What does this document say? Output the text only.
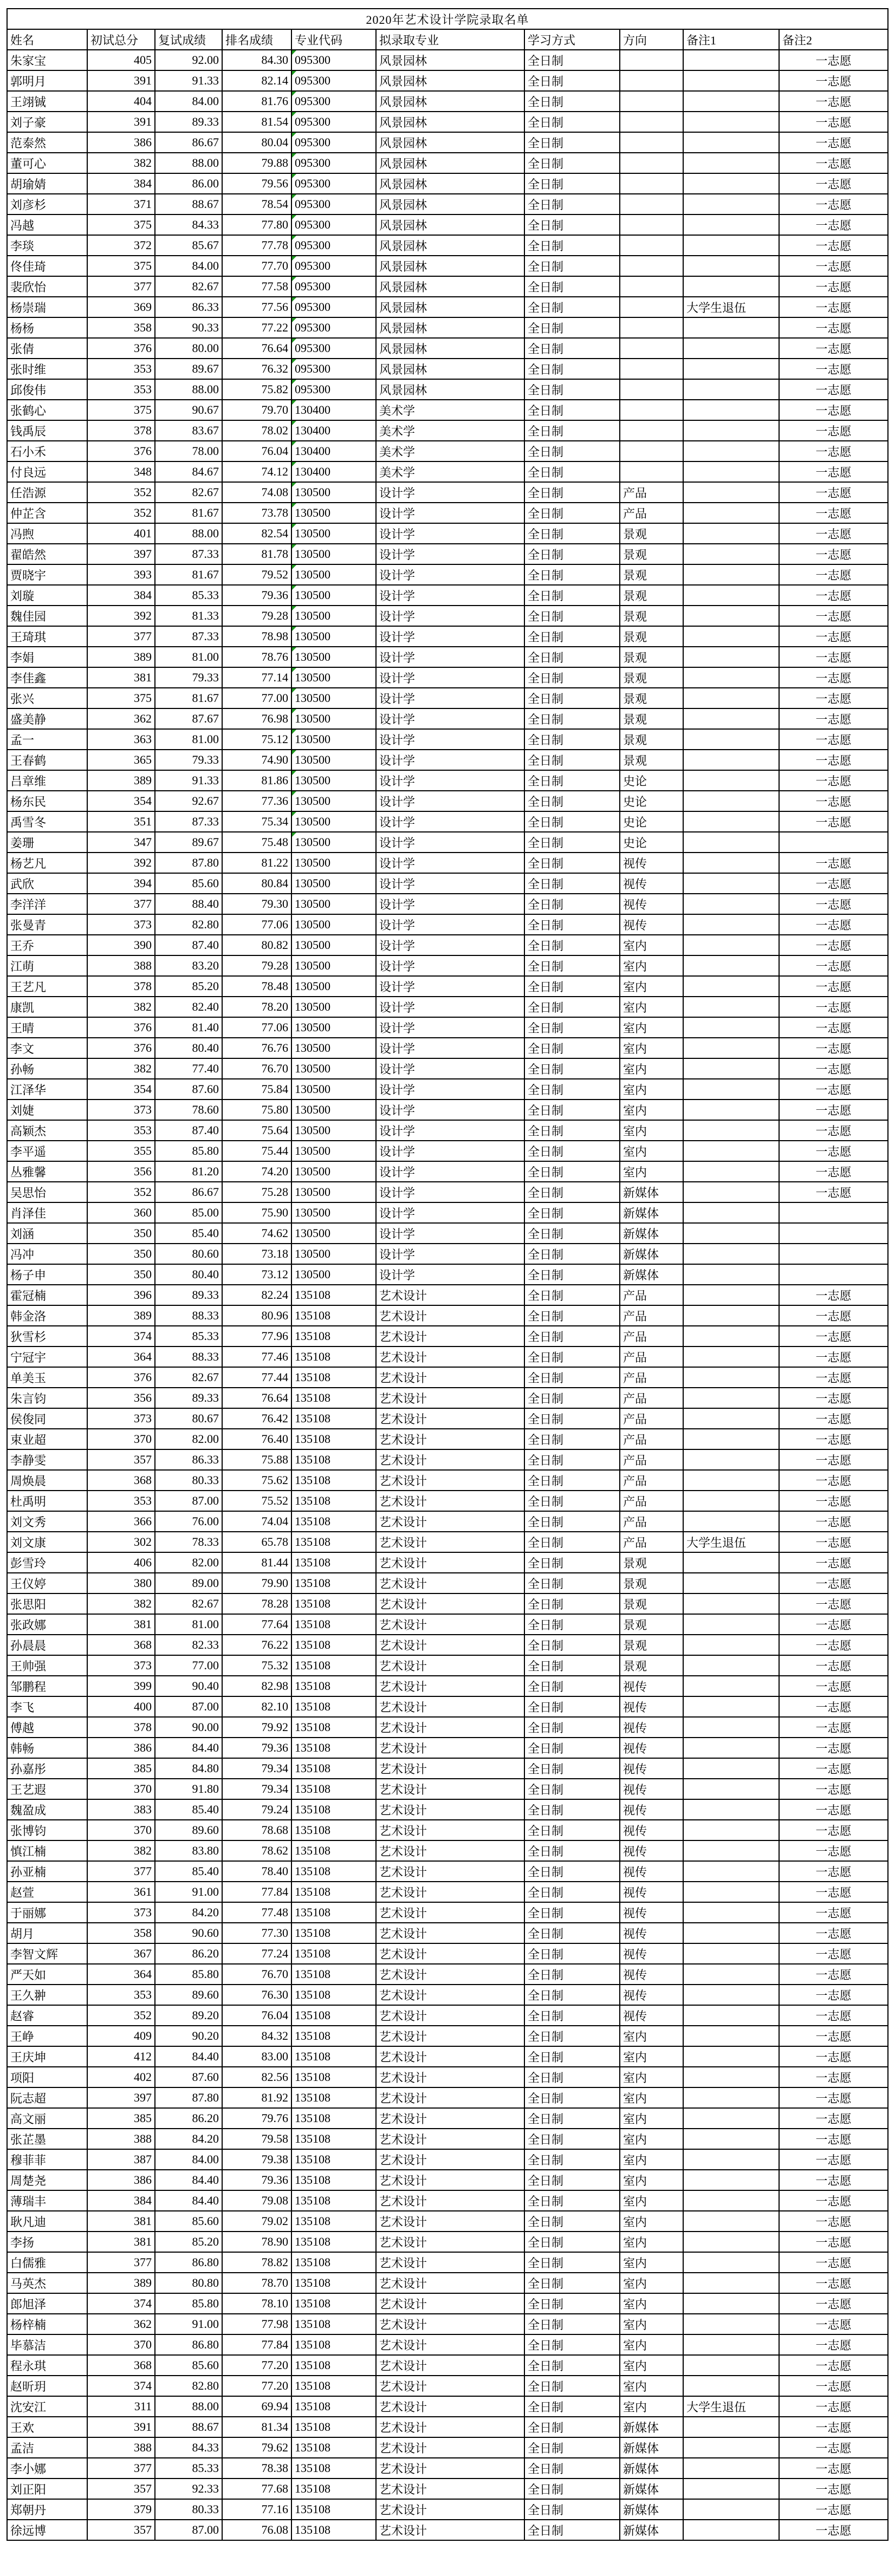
2020年艺术设计学院录取名单									
姓名	初试总分	复试成绩	排名成绩	专业代码	拟录取专业	学习方式	方向	备注1	备注2
朱家宝	405	92.00	84.30	095300	风景园林	全日制			一志愿
郭明月	391	91.33	82.14	095300	风景园林	全日制			一志愿
王翊铖	404	84.00	81.76	095300	风景园林	全日制			一志愿
刘子豪	391	89.33	81.54	095300	风景园林	全日制			一志愿
范泰然	386	86.67	80.04	095300	风景园林	全日制			一志愿
董可心	382	88.00	79.88	095300	风景园林	全日制			一志愿
胡瑜婧	384	86.00	79.56	095300	风景园林	全日制			一志愿
刘彦杉	371	88.67	78.54	095300	风景园林	全日制			一志愿
冯越	375	84.33	77.80	095300	风景园林	全日制			一志愿
李琰	372	85.67	77.78	095300	风景园林	全日制			一志愿
佟佳琦	375	84.00	77.70	095300	风景园林	全日制			一志愿
裴欣怡	377	82.67	77.58	095300	风景园林	全日制			一志愿
杨崇瑞	369	86.33	77.56	095300	风景园林	全日制		大学生退伍	一志愿
杨杨	358	90.33	77.22	095300	风景园林	全日制			一志愿
张倩	376	80.00	76.64	095300	风景园林	全日制			一志愿
张时维	353	89.67	76.32	095300	风景园林	全日制			一志愿
邱俊伟	353	88.00	75.82	095300	风景园林	全日制			一志愿
张鹤心	375	90.67	79.70	130400	美术学	全日制			一志愿
钱禹辰	378	83.67	78.02	130400	美术学	全日制			一志愿
石小禾	376	78.00	76.04	130400	美术学	全日制			一志愿
付良远	348	84.67	74.12	130400	美术学	全日制			一志愿
任浩源	352	82.67	74.08	130500	设计学	全日制	产品		一志愿
仲芷含	352	81.67	73.78	130500	设计学	全日制	产品		一志愿
冯煦	401	88.00	82.54	130500	设计学	全日制	景观		一志愿
翟皓然	397	87.33	81.78	130500	设计学	全日制	景观		一志愿
贾晓宇	393	81.67	79.52	130500	设计学	全日制	景观		一志愿
刘璇	384	85.33	79.36	130500	设计学	全日制	景观		一志愿
魏佳园	392	81.33	79.28	130500	设计学	全日制	景观		一志愿
王琦琪	377	87.33	78.98	130500	设计学	全日制	景观		一志愿
李娟	389	81.00	78.76	130500	设计学	全日制	景观		一志愿
李佳鑫	381	79.33	77.14	130500	设计学	全日制	景观		一志愿
张兴	375	81.67	77.00	130500	设计学	全日制	景观		一志愿
盛美静	362	87.67	76.98	130500	设计学	全日制	景观		一志愿
孟一	363	81.00	75.12	130500	设计学	全日制	景观		一志愿
王春鹤	365	79.33	74.90	130500	设计学	全日制	景观		一志愿
吕章维	389	91.33	81.86	130500	设计学	全日制	史论		一志愿
杨东民	354	92.67	77.36	130500	设计学	全日制	史论		一志愿
禹雪冬	351	87.33	75.34	130500	设计学	全日制	史论		一志愿
姜珊	347	89.67	75.48	130500	设计学	全日制	史论		
杨艺凡	392	87.80	81.22	130500	设计学	全日制	视传		一志愿
武欣	394	85.60	80.84	130500	设计学	全日制	视传		一志愿
李洋洋	377	88.40	79.30	130500	设计学	全日制	视传		一志愿
张曼青	373	82.80	77.06	130500	设计学	全日制	视传		一志愿
王乔	390	87.40	80.82	130500	设计学	全日制	室内		一志愿
江萌	388	83.20	79.28	130500	设计学	全日制	室内		一志愿
王艺凡	378	85.20	78.48	130500	设计学	全日制	室内		一志愿
康凯	382	82.40	78.20	130500	设计学	全日制	室内		一志愿
王晴	376	81.40	77.06	130500	设计学	全日制	室内		一志愿
李文	376	80.40	76.76	130500	设计学	全日制	室内		一志愿
孙畅	382	77.40	76.70	130500	设计学	全日制	室内		一志愿
江泽华	354	87.60	75.84	130500	设计学	全日制	室内		一志愿
刘婕	373	78.60	75.80	130500	设计学	全日制	室内		一志愿
高颖杰	353	87.40	75.64	130500	设计学	全日制	室内		一志愿
李平遥	355	85.80	75.44	130500	设计学	全日制	室内		一志愿
丛雅馨	356	81.20	74.20	130500	设计学	全日制	室内		一志愿
吴思怡	352	86.67	75.28	130500	设计学	全日制	新媒体		一志愿
肖泽佳	360	85.00	75.90	130500	设计学	全日制	新媒体		
刘涵	350	85.40	74.62	130500	设计学	全日制	新媒体		
冯冲	350	80.60	73.18	130500	设计学	全日制	新媒体		
杨子申	350	80.40	73.12	130500	设计学	全日制	新媒体		
霍冠楠	396	89.33	82.24	135108	艺术设计	全日制	产品		一志愿
韩金洛	389	88.33	80.96	135108	艺术设计	全日制	产品		一志愿
狄雪杉	374	85.33	77.96	135108	艺术设计	全日制	产品		一志愿
宁冠宇	364	88.33	77.46	135108	艺术设计	全日制	产品		一志愿
单美玉	376	82.67	77.44	135108	艺术设计	全日制	产品		一志愿
朱言钧	356	89.33	76.64	135108	艺术设计	全日制	产品		一志愿
侯俊同	373	80.67	76.42	135108	艺术设计	全日制	产品		一志愿
束业超	370	82.00	76.40	135108	艺术设计	全日制	产品		一志愿
李静雯	357	86.33	75.88	135108	艺术设计	全日制	产品		一志愿
周焕晨	368	80.33	75.62	135108	艺术设计	全日制	产品		一志愿
杜禹明	353	87.00	75.52	135108	艺术设计	全日制	产品		一志愿
刘文秀	366	76.00	74.04	135108	艺术设计	全日制	产品		一志愿
刘文康	302	78.33	65.78	135108	艺术设计	全日制	产品	大学生退伍	一志愿
彭雪玲	406	82.00	81.44	135108	艺术设计	全日制	景观		一志愿
王仪婷	380	89.00	79.90	135108	艺术设计	全日制	景观		一志愿
张思阳	382	82.67	78.28	135108	艺术设计	全日制	景观		一志愿
张政娜	381	81.00	77.64	135108	艺术设计	全日制	景观		一志愿
孙晨晨	368	82.33	76.22	135108	艺术设计	全日制	景观		一志愿
王帅强	373	77.00	75.32	135108	艺术设计	全日制	景观		一志愿
邹鹏程	399	90.40	82.98	135108	艺术设计	全日制	视传		一志愿
李飞	400	87.00	82.10	135108	艺术设计	全日制	视传		一志愿
傅越	378	90.00	79.92	135108	艺术设计	全日制	视传		一志愿
韩畅	386	84.40	79.36	135108	艺术设计	全日制	视传		一志愿
孙嘉彤	385	84.80	79.34	135108	艺术设计	全日制	视传		一志愿
王艺遐	370	91.80	79.34	135108	艺术设计	全日制	视传		一志愿
魏盈成	383	85.40	79.24	135108	艺术设计	全日制	视传		一志愿
张博钧	370	89.60	78.68	135108	艺术设计	全日制	视传		一志愿
慎江楠	382	83.80	78.62	135108	艺术设计	全日制	视传		一志愿
孙亚楠	377	85.40	78.40	135108	艺术设计	全日制	视传		一志愿
赵萱	361	91.00	77.84	135108	艺术设计	全日制	视传		一志愿
于丽娜	373	84.20	77.48	135108	艺术设计	全日制	视传		一志愿
胡月	358	90.60	77.30	135108	艺术设计	全日制	视传		一志愿
李智文辉	367	86.20	77.24	135108	艺术设计	全日制	视传		一志愿
严天如	364	85.80	76.70	135108	艺术设计	全日制	视传		一志愿
王久翀	353	89.60	76.30	135108	艺术设计	全日制	视传		一志愿
赵睿	352	89.20	76.04	135108	艺术设计	全日制	视传		一志愿
王峥	409	90.20	84.32	135108	艺术设计	全日制	室内		一志愿
王庆坤	412	84.40	83.00	135108	艺术设计	全日制	室内		一志愿
项阳	402	87.60	82.56	135108	艺术设计	全日制	室内		一志愿
阮志超	397	87.80	81.92	135108	艺术设计	全日制	室内		一志愿
高文丽	385	86.20	79.76	135108	艺术设计	全日制	室内		一志愿
张芷墨	388	84.20	79.58	135108	艺术设计	全日制	室内		一志愿
穆菲菲	387	84.00	79.38	135108	艺术设计	全日制	室内		一志愿
周楚尧	386	84.40	79.36	135108	艺术设计	全日制	室内		一志愿
薄瑞丰	384	84.40	79.08	135108	艺术设计	全日制	室内		一志愿
耿凡迪	381	85.60	79.02	135108	艺术设计	全日制	室内		一志愿
李扬	381	85.20	78.90	135108	艺术设计	全日制	室内		一志愿
白儒雅	377	86.80	78.82	135108	艺术设计	全日制	室内		一志愿
马英杰	389	80.80	78.70	135108	艺术设计	全日制	室内		一志愿
郎旭泽	374	85.80	78.10	135108	艺术设计	全日制	室内		一志愿
杨梓楠	362	91.00	77.98	135108	艺术设计	全日制	室内		一志愿
毕慕洁	370	86.80	77.84	135108	艺术设计	全日制	室内		一志愿
程永琪	368	85.60	77.20	135108	艺术设计	全日制	室内		一志愿
赵昕玥	374	82.80	77.20	135108	艺术设计	全日制	室内		一志愿
沈安江	311	88.00	69.94	135108	艺术设计	全日制	室内	大学生退伍	一志愿
王欢	391	88.67	81.34	135108	艺术设计	全日制	新媒体		一志愿
孟洁	388	84.33	79.62	135108	艺术设计	全日制	新媒体		一志愿
李小娜	377	85.33	78.38	135108	艺术设计	全日制	新媒体		一志愿
刘正阳	357	92.33	77.68	135108	艺术设计	全日制	新媒体		一志愿
郑朝丹	379	80.33	77.16	135108	艺术设计	全日制	新媒体		一志愿
徐远博	357	87.00	76.08	135108	艺术设计	全日制	新媒体		一志愿
